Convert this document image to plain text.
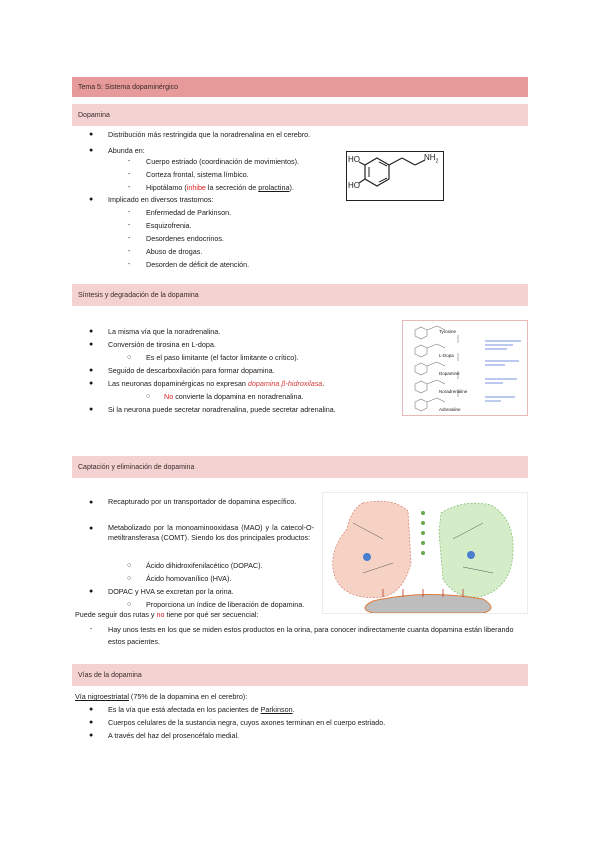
Tema 5: Sistema dopaminérgico
Dopamina
● Distribución más restringida que la noradrenalina en el cerebro.
● Abunda en:
- Cuerpo estriado (coordinación de movimientos).
- Corteza frontal, sistema límbico.
- Hipotálamo (inhibe la secreción de prolactina).
● Implicado en diversos trastornos:
- Enfermedad de Parkinson.
- Esquizofrenia.
- Desordenes endocrinos.
- Abuso de drogas.
- Desorden de déficit de atención.
HO
HO
$NH_2$
Síntesis y degradación de la dopamina
● La misma vía que la noradrenalina.
● Conversión de tirosina en L-dopa.
○ Es el paso limitante (el factor limitante o crítico).
● Seguido de descarboxilación para formar dopamina.
● Las neuronas dopaminérgicas no expresan dopamina β-hidroxilasa.
○ No convierte la dopamina en noradrenalina.
● Si la neurona puede secretar noradrenalina, puede secretar adrenalina.
Tyrosine
L-Dopa
Dopamine
Noradrenaline
Adrenaline
Captación y eliminación de dopamina
● Recapturado por un transportador de dopamina específico.
● Metabolizado por la monoaminooxidasa (MAO) y la catecol-O-metiltransferasa (COMT). Siendo los dos principales productos:
○ Ácido dihidroxifenilacético (DOPAC).
○ Ácido homovanílico (HVA).
● DOPAC y HVA se excretan por la orina.
○ Proporciona un índice de liberación de dopamina.
Puede seguir dos rutas y no tiene por qué ser secuencial:
- Hay unos tests en los que se miden estos productos en la orina, para conocer indirectamente cuanta dopamina están liberando estos pacientes.
Vías de la dopamina
Vía nigroestriatal (75% de la dopamina en el cerebro):
● Es la vía que está afectada en los pacientes de Parkinson.
● Cuerpos celulares de la sustancia negra, cuyos axones terminan en el cuerpo estriado.
● A través del haz del prosencéfalo medial.
